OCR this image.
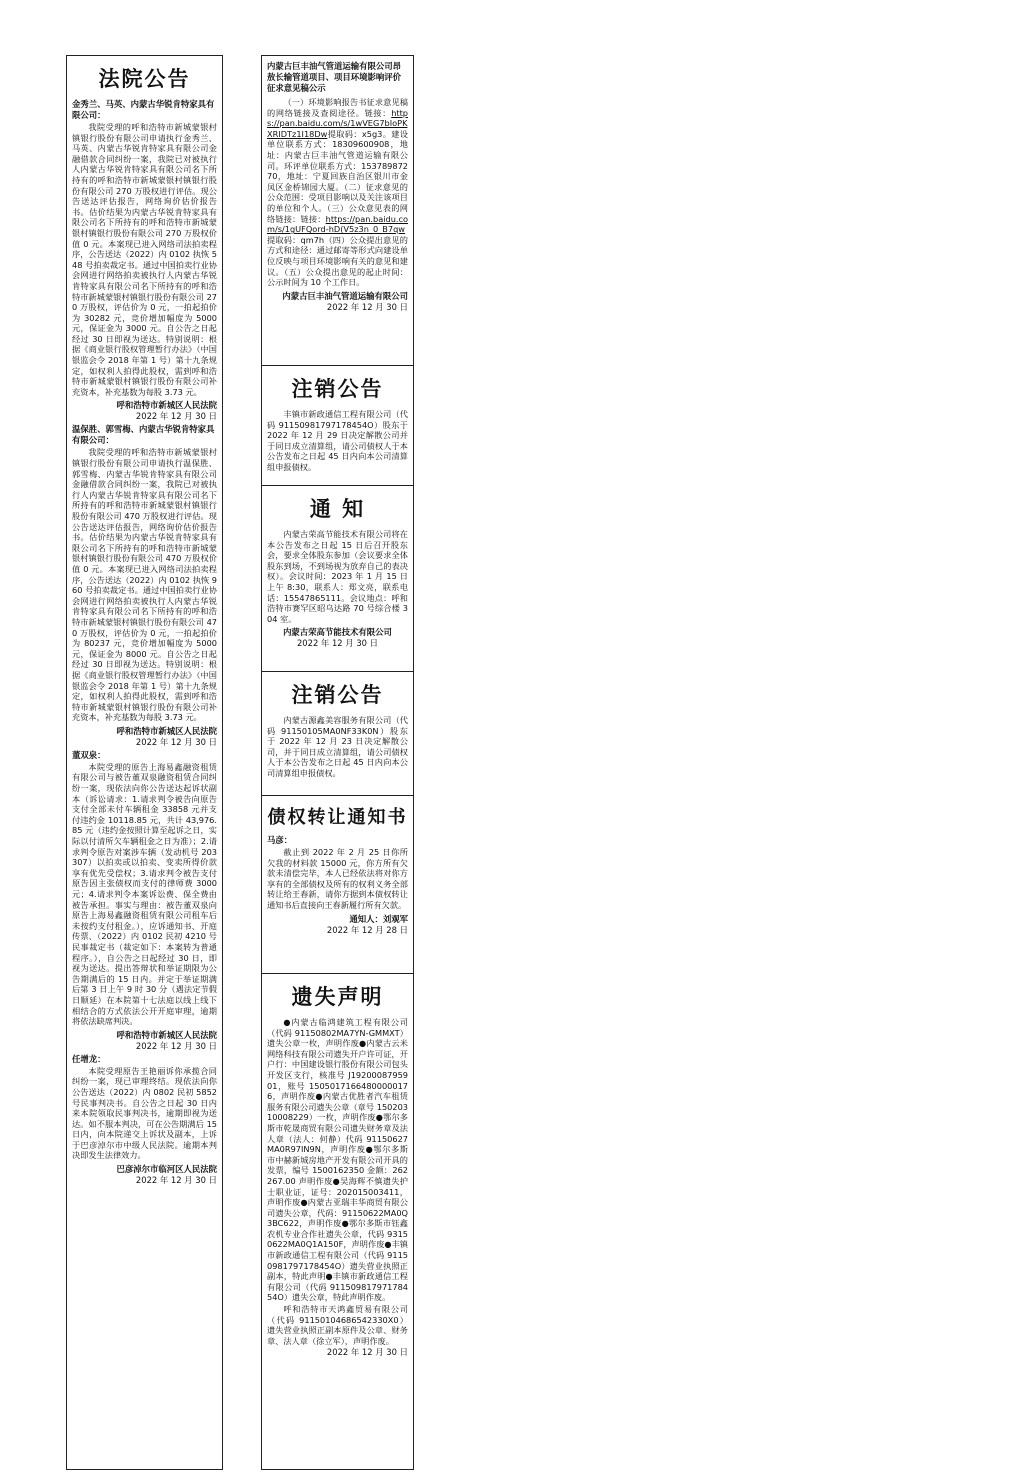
法院公告
金秀兰、马英、内蒙古华锐肯特家具有限公司：

我院受理的呼和浩特市新城蒙银村镇银行股份有限公司申请执行金秀兰、马英、内蒙古华锐肯特家具有限公司金融借款合同纠纷一案，我院已对被执行人内蒙古华锐肯特家具有限公司名下所持有的呼和浩特市新城蒙银村镇银行股份有限公司 270 万股权进行评估。现公告送达评估报告，网络询价估价报告书。估价结果为内蒙古华锐肯特家具有限公司名下所持有的呼和浩特市新城蒙银村镇银行股份有限公司 270 万股权价值 0 元。本案现已进入网络司法拍卖程序，公告送达（2022）内 0102 执恢 548 号拍卖裁定书。通过中国拍卖行业协会网进行网络拍卖被执行人内蒙古华锐肯特家具有限公司名下所持有的呼和浩特市新城蒙银村镇银行股份有限公司 270 万股权，评估价为 0 元，一拍起拍价为 30282 元，竞价增加幅度为 5000 元，保证金为 3000 元。自公告之日起经过 30 日即视为送达。特别说明：根据《商业银行股权管理暂行办法》（中国银监会令 2018 年第 1 号）第十九条规定，如权利人拍得此股权，需到呼和浩特市新城蒙银村镇银行股份有限公司补充资本，补充基数为每股 3.73 元。

呼和浩特市新城区人民法院
2022 年 12 月 30 日
温保胜、郭雪梅、内蒙古华锐肯特家具有限公司：

我院受理的呼和浩特市新城蒙银村镇银行股份有限公司申请执行温保胜、郭雪梅、内蒙古华锐肯特家具有限公司金融借款合同纠纷一案，我院已对被执行人内蒙古华锐肯特家具有限公司名下所持有的呼和浩特市新城蒙银村镇银行股份有限公司 470 万股权进行评估。现公告送达评估报告，网络询价估价报告书。估价结果为内蒙古华锐肯特家具有限公司名下所持有的呼和浩特市新城蒙银村镇银行股份有限公司 470 万股权价值 0 元。本案现已进入网络司法拍卖程序，公告送达（2022）内 0102 执恢 960 号拍卖裁定书。通过中国拍卖行业协会网进行网络拍卖被执行人内蒙古华锐肯特家具有限公司名下所持有的呼和浩特市新城蒙银村镇银行股份有限公司 470 万股权，评估价为 0 元，一拍起拍价为 80237 元，竞价增加幅度为 5000 元，保证金为 8000 元。自公告之日起经过 30 日即视为送达。特别说明：根据《商业银行股权管理暂行办法》（中国银监会令 2018 年第 1 号）第十九条规定，如权利人拍得此股权，需到呼和浩特市新城蒙银村镇银行股份有限公司补充资本，补充基数为每股 3.73 元。

呼和浩特市新城区人民法院
2022 年 12 月 30 日
董双泉：

本院受理的原告上海易鑫融资租赁有限公司与被告董双泉融资租赁合同纠纷一案，现依法向你公告送达起诉状副本（诉讼请求：1.请求判令被告向原告支付全部未付车辆租金 33858 元并支付违约金 10118.85 元，共计 43,976.85 元（违约金按照计算至起诉之日，实际以付清所欠车辆租金之日为准）；2.请求判令原告对案涉车辆（发动机号 203307）以拍卖或以拍卖、变卖所得价款享有优先受偿权；3.请求判令被告支付原告因主张债权而支付的律师费 3000 元；4.请求判令本案诉讼费、保全费由被告承担。事实与理由：被告董双泉向原告上海易鑫融资租赁有限公司租车后未按约支付租金。），应诉通知书、开庭传票、（2022）内 0102 民初 4210 号民事裁定书（裁定如下：本案转为普通程序。），自公告之日起经过 30 日，即视为送达。提出答辩状和举证期限为公告期满后的 15 日内。并定于举证期满后第 3 日上午 9 时 30 分（遇法定节假日顺延）在本院第十七法庭以线上线下相结合的方式依法公开开庭审理，逾期将依法缺席判决。

呼和浩特市新城区人民法院
2022 年 12 月 30 日
任增龙：

本院受理原告王艳丽诉你承揽合同纠纷一案，现已审理终结。现依法向你公告送达（2022）内 0802 民初 5852 号民事判决书。自公告之日起 30 日内来本院领取民事判决书，逾期即视为送达。如不服本判决，可在公告期满后 15 日内，向本院递交上诉状及副本，上诉于巴彦淖尔市中级人民法院。逾期本判决即发生法律效力。

巴彦淖尔市临河区人民法院
2022 年 12 月 30 日
内蒙古巨丰油气管道运输有限公司昂敖长输管道项目、项目环境影响评价征求意见稿公示

（一）环境影响报告书征求意见稿的网络链接及查阅途径。链接：https://pan.baidu.com/s/1wVEG7bIoPKXRIDTz1I18Dw提取码：x5g3。建设单位联系方式：18309600908，地址：内蒙古巨丰油气管道运输有限公司。环评单位联系方式：15378987270，地址：宁夏回族自治区银川市金凤区金桥锦园大厦。（二）征求意见的公众范围：受项目影响以及关注该项目的单位和个人。（三）公众意见表的网络链接：链接：https://pan.baidu.com/s/1gUFQord-hD(V5z3n_0_B7qw提取码：qm7h（四）公众提出意见的方式和途径：通过邮寄等形式向建设单位反映与项目环境影响有关的意见和建议。（五）公众提出意见的起止时间：公示时间为 10 个工作日。

内蒙古巨丰油气管道运输有限公司
2022 年 12 月 30 日
注销公告

丰镇市新政通信工程有限公司（代码 91150981797178454O）股东于 2022 年 12 月 29 日决定解散公司并于同日成立清算组，请公司债权人于本公告发布之日起 45 日内向本公司清算组申报债权。

通 知

内蒙古荣高节能技术有限公司将在本公告发布之日起 15 日后召开股东会，要求全体股东参加（会议要求全体股东到场，不到场视为放弃自己的表决权）。会议时间：2023 年 1 月 15 日上午 8:30，联系人：郑文亮，联系电话：15547865111。会议地点：呼和浩特市赛罕区昭乌达路 70 号综合楼 304 室。

内蒙古荣高节能技术有限公司
2022 年 12 月 30 日
注销公告

内蒙古源鑫美容服务有限公司（代码 91150105MA0NF33K0N）股东于 2022 年 12 月 23 日决定解散公司，并于同日成立清算组，请公司债权人于本公告发布之日起 45 日内向本公司清算组申报债权。

债权转让通知书
马彦：

截止到 2022 年 2 月 25 日你所欠我的材料款 15000 元，你方所有欠款未清偿完毕，本人已经依法将对你方享有的全部债权及所有的权利义务全部转让给王春新，请你方据到本债权转让通知书后直接向王春新履行所有欠款。

通知人：刘观军
2022 年 12 月 28 日
遗失声明

●内蒙古临鸿建筑工程有限公司（代码 91150802MA7YN-GMMXT）遗失公章一枚，声明作废●内蒙古云米网络科技有限公司遗失开户许可证，开户行：中国建设银行股份有限公司包头开发区支行，核准号 J1920008795901，账号 15050171664800000176，声明作废●内蒙古优胜者汽车租赁服务有限公司遗失公章（章号 15020310008229）一枚，声明作废●鄂尔多斯市乾晟商贸有限公司遗失财务章及法人章（法人：何静）代码 91150627MA0R97IN9N，声明作废●鄂尔多斯市中赫新城房地产开发有限公司开具的发票，编号 1500162350 金额：262267.00 声明作废●吴海辉不慎遗失护士职业证，证号：202015003411，声明作废●内蒙古亚瑞丰华商贸有限公司遗失公章，代码：91150622MA0Q3BC622，声明作废●鄂尔多斯市钰鑫农机专业合作社遗失公章，代码 93150622MA0Q1A150F，声明作废●丰镇市新政通信工程有限公司（代码 91150981797178454O）遗失营业执照正副本，特此声明●丰镇市新政通信工程有限公司（代码 91150981797178454O）遗失公章，特此声明作废。

呼和浩特市天鸿鑫贸易有限公司（代码 91150104686542330X0）遗失营业执照正副本原件及公章、财务章、法人章（徐立军），声明作废。

2022 年 12 月 30 日
